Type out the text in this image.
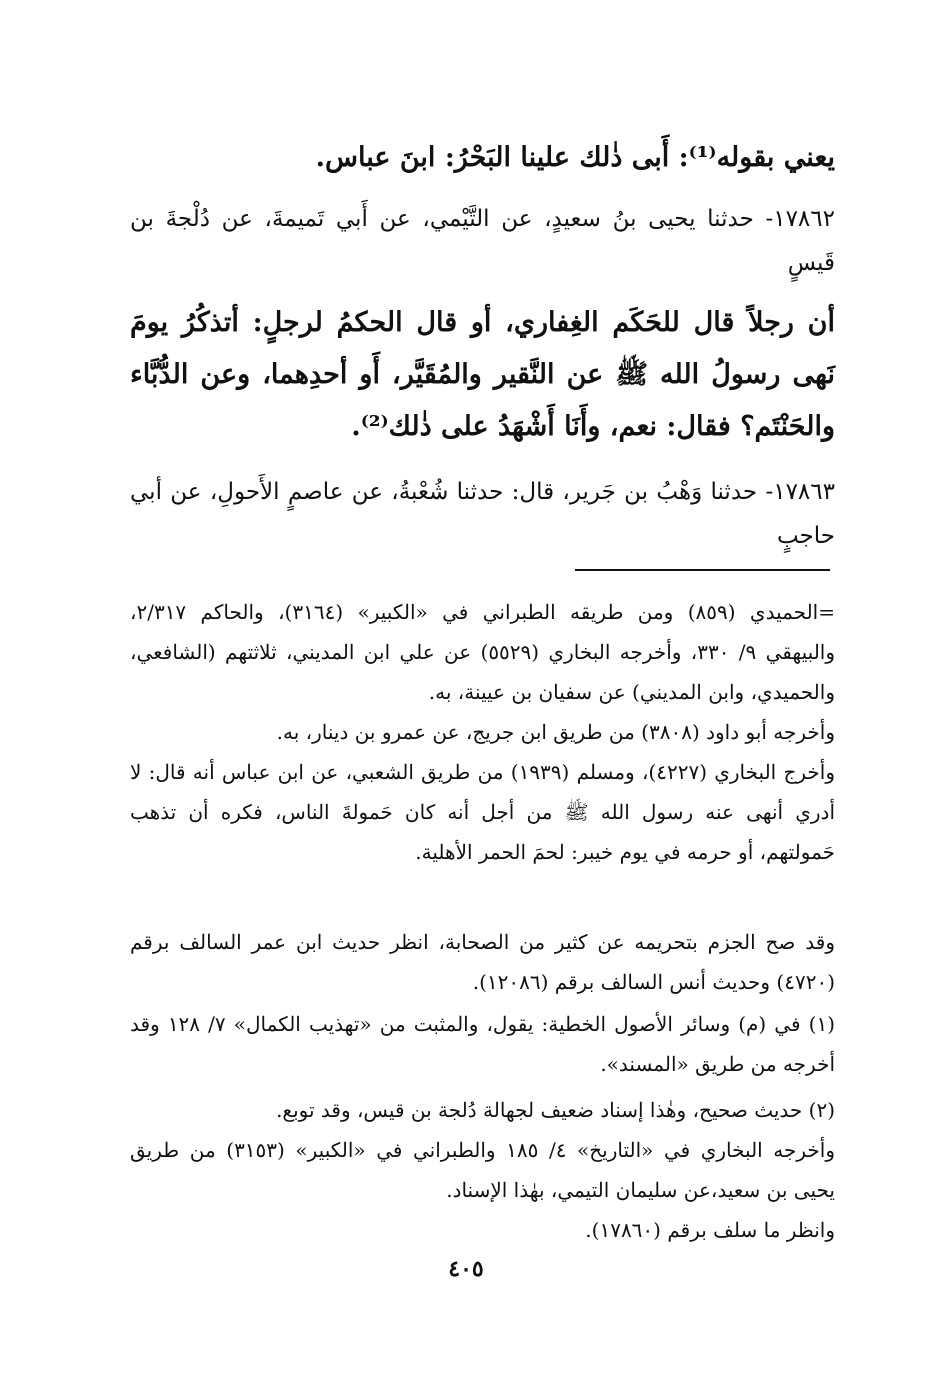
يعني بقوله⁽¹⁾: أَبى ذٰلك علينا البَحْرُ: ابنَ عباس.

١٧٨٦٢- حدثنا يحيى بنُ سعيدٍ، عن التَّيْمي، عن أَبي تَميمةَ، عن دُلْجةَ بن قَيسٍ

أن رجلاً قال للحَكَم الغِفاري، أو قال الحكمُ لرجلٍ: أتذكُرُ يومَ نَهى رسولُ الله ﷺ عن النَّقير والمُقَيَّر، أَو أحدِهما، وعن الدُّبَّاء والحَنْتَم؟ فقال: نعم، وأَنَا أَشْهَدُ على ذٰلك⁽²⁾.

١٧٨٦٣- حدثنا وَهْبُ بن جَرير، قال: حدثنا شُعْبةُ، عن عاصمٍ الأَحولِ، عن أبي حاجبٍ

=الحميدي (٨٥٩) ومن طريقه الطبراني في «الكبير» (٣١٦٤)، والحاكم ٢/٣١٧، والبيهقي ٩/ ٣٣٠، وأخرجه البخاري (٥٥٢٩) عن علي ابن المديني، ثلاثتهم (الشافعي، والحميدي، وابن المديني) عن سفيان بن عيينة، به.

وأخرجه أبو داود (٣٨٠٨) من طريق ابن جريج، عن عمرو بن دينار، به.

وأخرج البخاري (٤٢٢٧)، ومسلم (١٩٣٩) من طريق الشعبي، عن ابن عباس أنه قال: لا أدري أنهى عنه رسول الله ﷺ من أجل أنه كان حَمولةَ الناس، فكره أن تذهب حَمولتهم، أو حرمه في يوم خيبر: لحمَ الحمر الأهلية.

وقد صح الجزم بتحريمه عن كثير من الصحابة، انظر حديث ابن عمر السالف برقم (٤٧٢٠) وحديث أنس السالف برقم (١٢٠٨٦).

(١) في (م) وسائر الأصول الخطية: يقول، والمثبت من «تهذيب الكمال» ٧/ ١٢٨ وقد أخرجه من طريق «المسند».

(٢) حديث صحيح، وهٰذا إسناد ضعيف لجهالة دُلجة بن قيس، وقد توبع.

وأخرجه البخاري في «التاريخ» ٤/ ١٨٥ والطبراني في «الكبير» (٣١٥٣) من طريق يحيى بن سعيد،عن سليمان التيمي، بهٰذا الإسناد.

وانظر ما سلف برقم (١٧٨٦٠).

٤٠٥
